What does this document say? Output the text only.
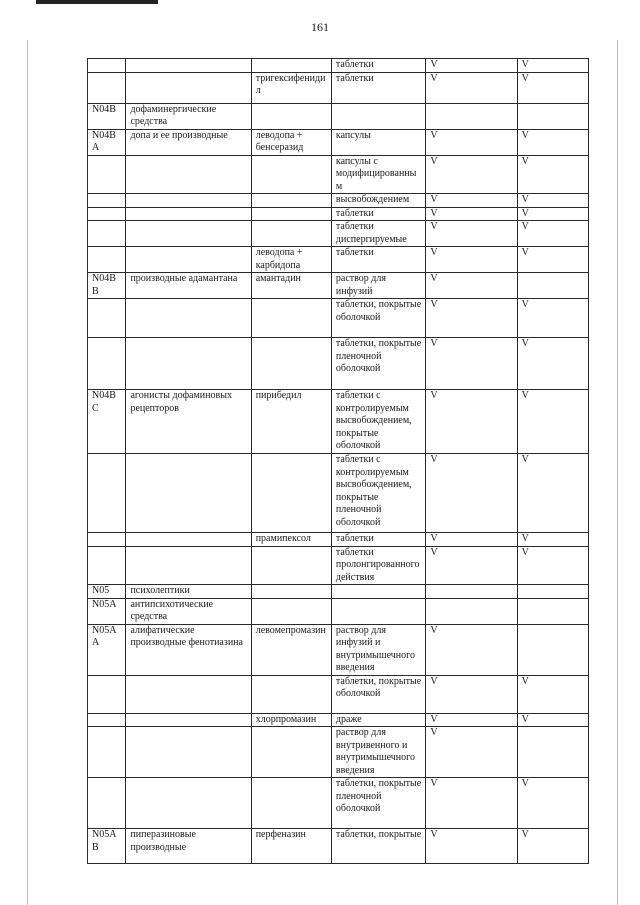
161
			таблетки	V	V
		тригексифенидил	таблетки	V	V
N04B	дофаминергические средства				
N04BA	допа и ее производные	леводопа + бенсеразид	капсулы	V	V
			капсулы с модифицированным	V	V
			высвобождением	V	V
			таблетки	V	V
			таблетки диспергируемые	V	V
		леводопа + карбидопа	таблетки	V	V
N04BB	производные адамантана	амантадин	раствор для инфузий	V	
			таблетки, покрытые оболочкой	V	V
			таблетки, покрытые пленочной оболочкой	V	V
N04BC	агонисты дофаминовых рецепторов	пирибедил	таблетки с контролируемым высвобождением, покрытые оболочкой	V	V
			таблетки с контролируемым высвобождением, покрытые пленочной оболочкой	V	V
		прамипексол	таблетки	V	V
			таблетки пролонгированного действия	V	V
N05	психолептики				
N05A	антипсихотические средства				
N05AA	алифатические производные фенотиазина	левомепромазин	раствор для инфузий и внутримышечного введения	V	
			таблетки, покрытые оболочкой	V	V
		хлорпромазин	драже	V	V
			раствор для внутривенного и внутримышечного введения	V	
			таблетки, покрытые пленочной оболочкой	V	V
N05AB	пиперазиновые производные	перфеназин	таблетки, покрытые	V	V
